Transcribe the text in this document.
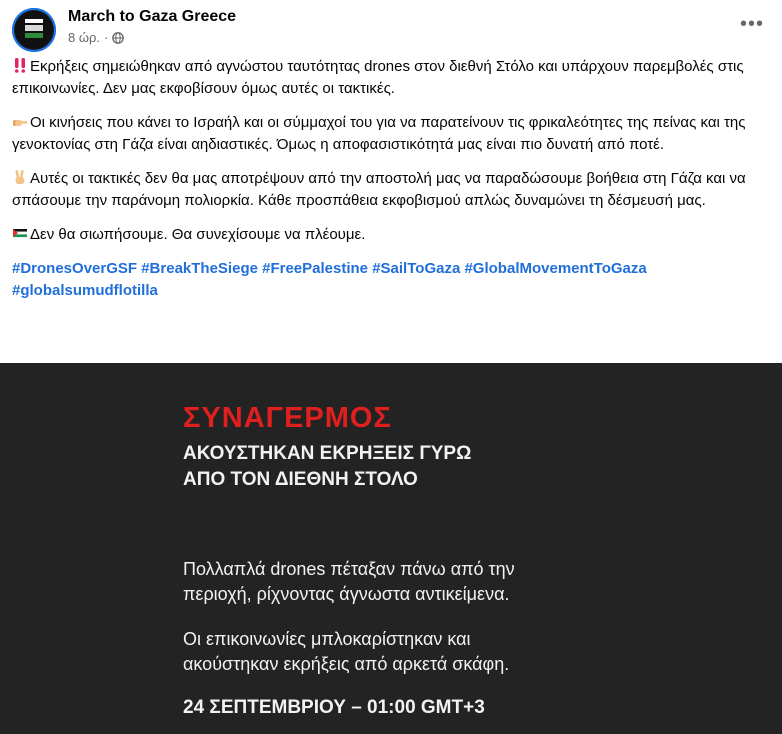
March to Gaza Greece
8 ώρ. ·
•••

Εκρήξεις σημειώθηκαν από αγνώστου ταυτότητας drones στον διεθνή Στόλο και υπάρχουν παρεμβολές στις επικοινωνίες. Δεν μας εκφοβίσουν όμως αυτές οι τακτικές.

Οι κινήσεις που κάνει το Ισραήλ και οι σύμμαχοί του για να παρατείνουν τις φρικαλεότητες της πείνας και της γενοκτονίας στη Γάζα είναι αηδιαστικές. Όμως η αποφασιστικότητά μας είναι πιο δυνατή από ποτέ.

Αυτές οι τακτικές δεν θα μας αποτρέψουν από την αποστολή μας να παραδώσουμε βοήθεια στη Γάζα και να σπάσουμε την παράνομη πολιορκία. Κάθε προσπάθεια εκφοβισμού απλώς δυναμώνει τη δέσμευσή μας.

Δεν θα σιωπήσουμε. Θα συνεχίσουμε να πλέουμε.

#DronesOverGSF #BreakTheSiege #FreePalestine #SailToGaza #GlobalMovementToGaza #globalsumudflotilla

ΣΥΝΑΓΕΡΜΟΣ
ΑΚΟΥΣΤΗΚΑΝ ΕΚΡΗΞΕΙΣ ΓΥΡΩ
ΑΠΟ ΤΟΝ ΔΙΕΘΝΗ ΣΤΟΛΟ
Πολλαπλά drones πέταξαν πάνω από την
περιοχή, ρίχνοντας άγνωστα αντικείμενα.
Οι επικοινωνίες μπλοκαρίστηκαν και
ακούστηκαν εκρήξεις από αρκετά σκάφη.
24 ΣΕΠΤΕΜΒΡΙΟΥ – 01:00 GMT+3
